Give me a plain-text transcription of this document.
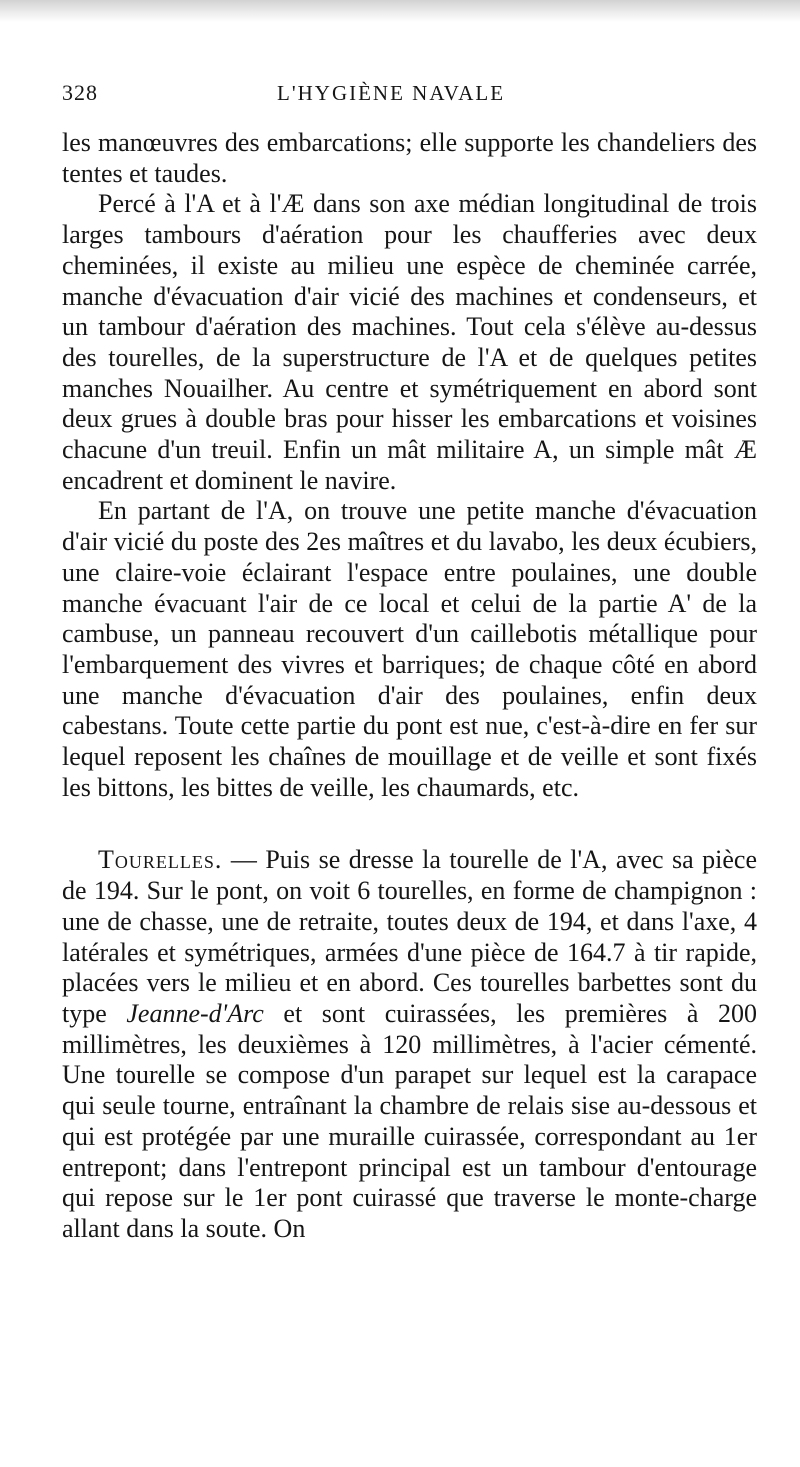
328	L'HYGIÈNE NAVALE

les manœuvres des embarcations; elle supporte les chandeliers des tentes et taudes.

Percé à l'A et à l'Æ dans son axe médian longitudinal de trois larges tambours d'aération pour les chaufferies avec deux cheminées, il existe au milieu une espèce de cheminée carrée, manche d'évacuation d'air vicié des machines et condenseurs, et un tambour d'aération des machines. Tout cela s'élève au-dessus des tourelles, de la superstructure de l'A et de quelques petites manches Nouailher. Au centre et symétriquement en abord sont deux grues à double bras pour hisser les embarcations et voisines chacune d'un treuil. Enfin un mât militaire A, un simple mât Æ encadrent et dominent le navire.

En partant de l'A, on trouve une petite manche d'évacuation d'air vicié du poste des 2es maîtres et du lavabo, les deux écubiers, une claire-voie éclairant l'espace entre poulaines, une double manche évacuant l'air de ce local et celui de la partie A' de la cambuse, un panneau recouvert d'un caillebotis métallique pour l'embarquement des vivres et barriques; de chaque côté en abord une manche d'évacuation d'air des poulaines, enfin deux cabestans. Toute cette partie du pont est nue, c'est-à-dire en fer sur lequel reposent les chaînes de mouillage et de veille et sont fixés les bittons, les bittes de veille, les chaumards, etc.

Tourelles. — Puis se dresse la tourelle de l'A, avec sa pièce de 194. Sur le pont, on voit 6 tourelles, en forme de champignon : une de chasse, une de retraite, toutes deux de 194, et dans l'axe, 4 latérales et symétriques, armées d'une pièce de 164.7 à tir rapide, placées vers le milieu et en abord. Ces tourelles barbettes sont du type Jeanne-d'Arc et sont cuirassées, les premières à 200 millimètres, les deuxièmes à 120 millimètres, à l'acier cémenté. Une tourelle se compose d'un parapet sur lequel est la carapace qui seule tourne, entraînant la chambre de relais sise au-dessous et qui est protégée par une muraille cuirassée, correspondant au 1er entrepont; dans l'entrepont principal est un tambour d'entourage qui repose sur le 1er pont cuirassé que traverse le monte-charge allant dans la soute. On
